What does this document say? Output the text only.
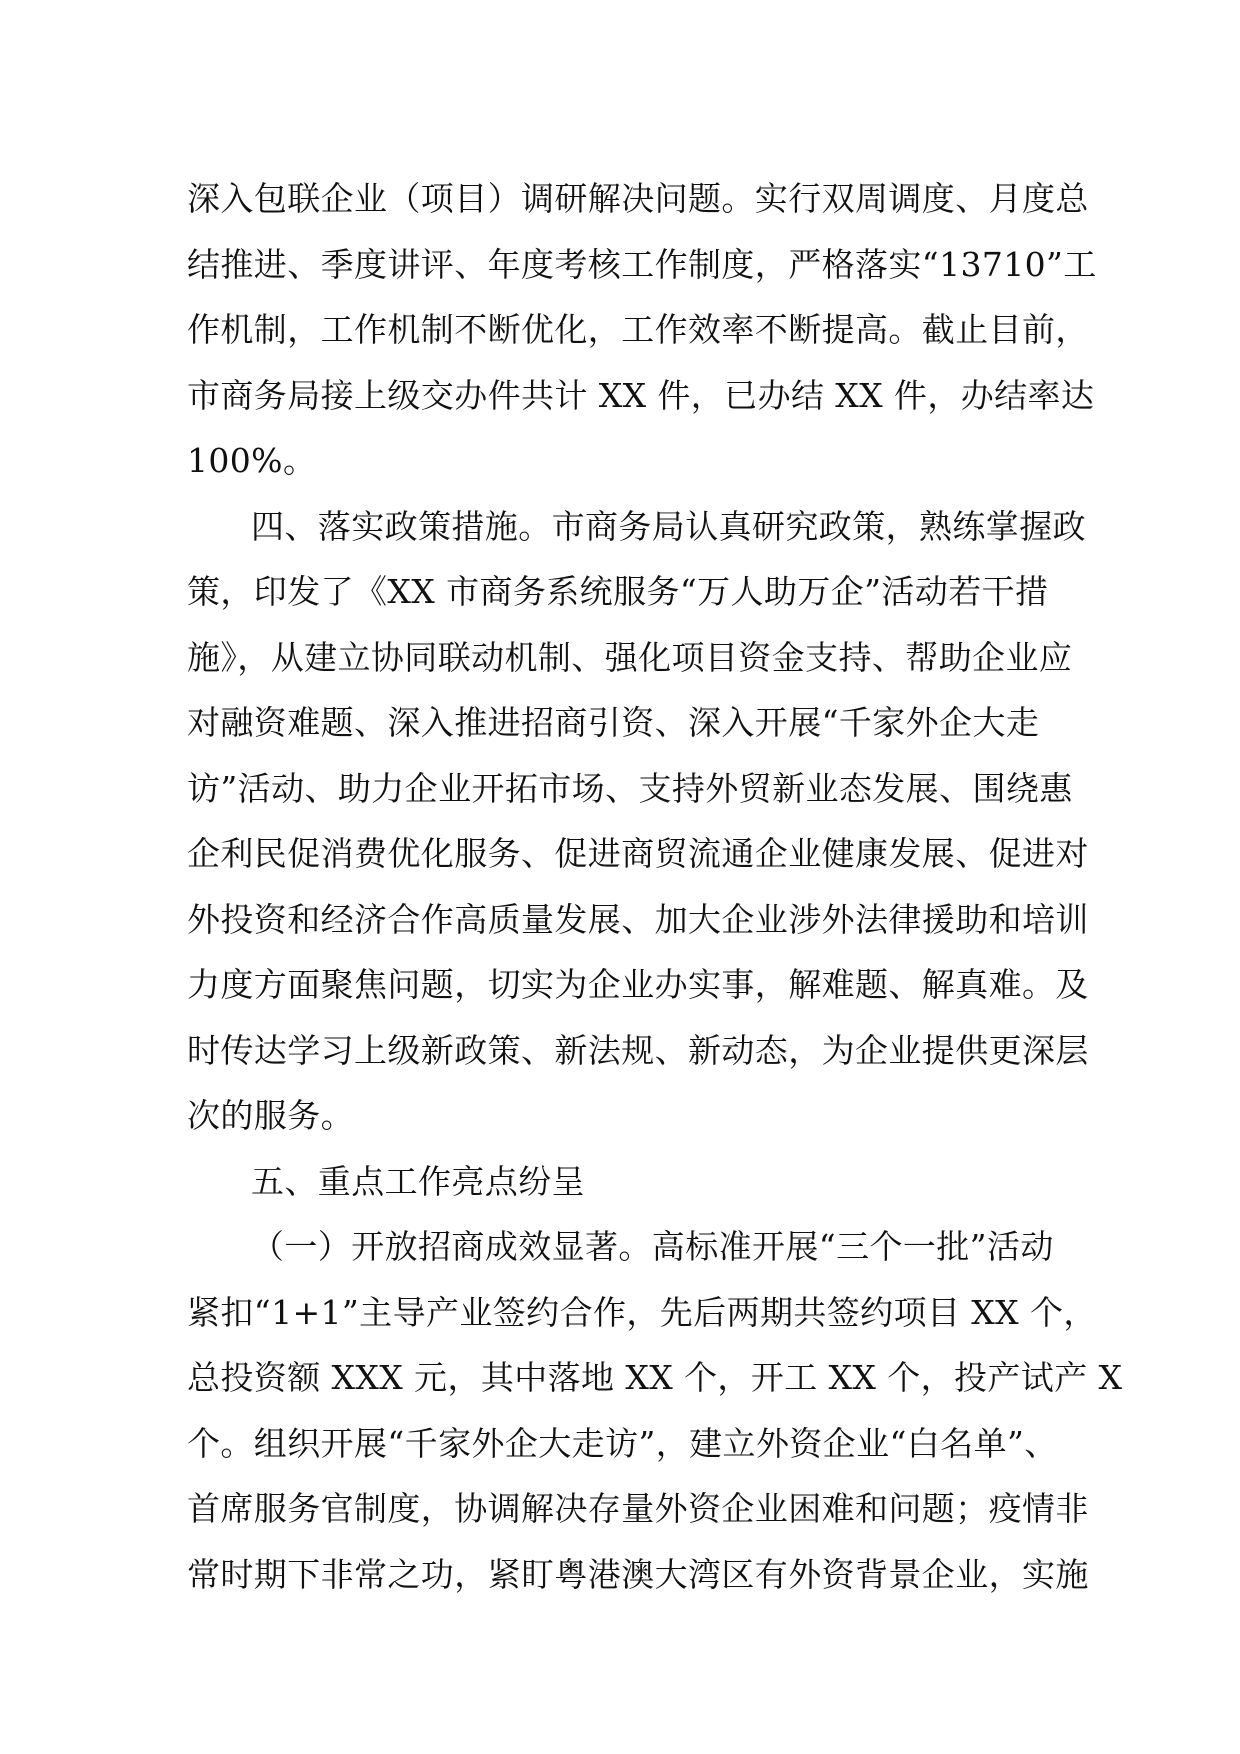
深入包联企业（项目）调研解决问题。实行双周调度、月度总
结推进、季度讲评、年度考核工作制度，严格落实“13710”工
作机制，工作机制不断优化，工作效率不断提高。截止目前，
市商务局接上级交办件共计 XX 件，已办结 XX 件，办结率达
100%。
四、落实政策措施。市商务局认真研究政策，熟练掌握政
策，印发了《XX 市商务系统服务“万人助万企”活动若干措
施》，从建立协同联动机制、强化项目资金支持、帮助企业应
对融资难题、深入推进招商引资、深入开展“千家外企大走
访”活动、助力企业开拓市场、支持外贸新业态发展、围绕惠
企利民促消费优化服务、促进商贸流通企业健康发展、促进对
外投资和经济合作高质量发展、加大企业涉外法律援助和培训
力度方面聚焦问题，切实为企业办实事，解难题、解真难。及
时传达学习上级新政策、新法规、新动态，为企业提供更深层
次的服务。
五、重点工作亮点纷呈
（一）开放招商成效显著。高标准开展“三个一批”活动
紧扣“1+1”主导产业签约合作，先后两期共签约项目 XX 个，
总投资额 XXX 元，其中落地 XX 个，开工 XX 个，投产试产 X
个。组织开展“千家外企大走访”，建立外资企业“白名单”、
首席服务官制度，协调解决存量外资企业困难和问题；疫情非
常时期下非常之功，紧盯粤港澳大湾区有外资背景企业，实施
